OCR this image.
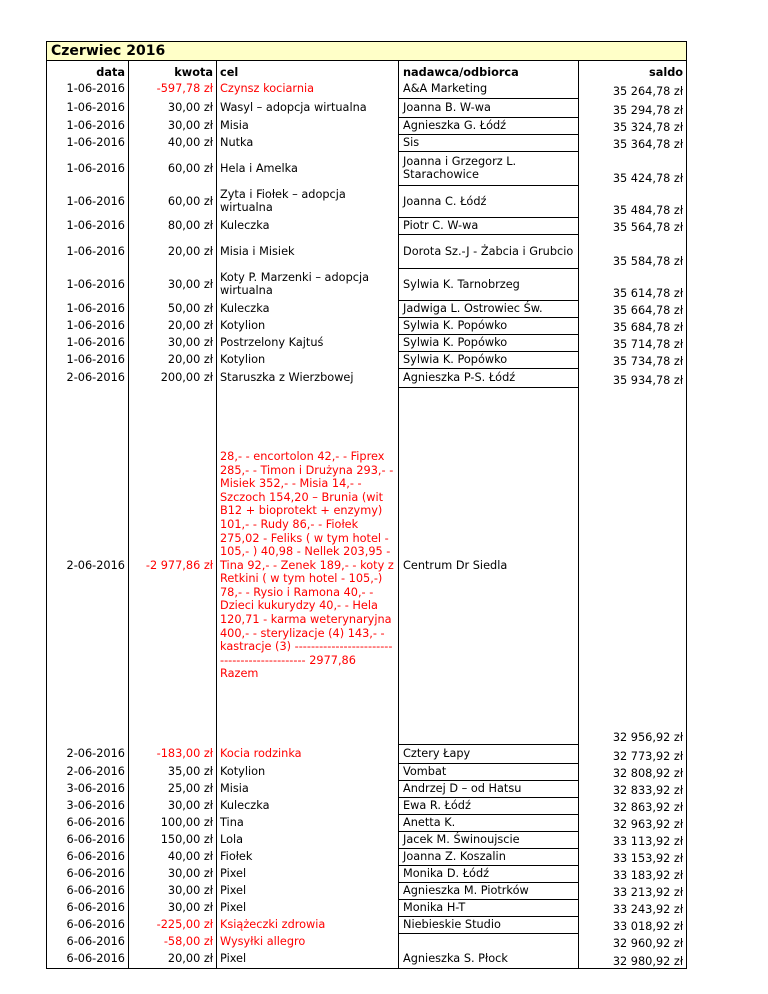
Czerwiec 2016				
data	kwota	cel	nadawca/odbiorca	saldo
1-06-2016	-597,78 zł	Czynsz kociarnia	A&A Marketing	35 264,78 zł
1-06-2016	30,00 zł	Wasyl – adopcja wirtualna	Joanna B. W-wa	35 294,78 zł
1-06-2016	30,00 zł	Misia	Agnieszka G. Łódź	35 324,78 zł
1-06-2016	40,00 zł	Nutka	Sis	35 364,78 zł
1-06-2016	60,00 zł	Hela i Amelka	Joanna i Grzegorz L. Starachowice	35 424,78 zł
1-06-2016	60,00 zł	Zyta i Fiołek – adopcja wirtualna	Joanna C. Łódź	35 484,78 zł
1-06-2016	80,00 zł	Kuleczka	Piotr C. W-wa	35 564,78 zł
1-06-2016	20,00 zł	Misia i Misiek	Dorota Sz.-J - Żabcia i Grubcio	35 584,78 zł
1-06-2016	30,00 zł	Koty P. Marzenki – adopcja wirtualna	Sylwia K. Tarnobrzeg	35 614,78 zł
1-06-2016	50,00 zł	Kuleczka	Jadwiga L. Ostrowiec Św.	35 664,78 zł
1-06-2016	20,00 zł	Kotylion	Sylwia K. Popówko	35 684,78 zł
1-06-2016	30,00 zł	Postrzelony Kajtuś	Sylwia K. Popówko	35 714,78 zł
1-06-2016	20,00 zł	Kotylion	Sylwia K. Popówko	35 734,78 zł
2-06-2016	200,00 zł	Staruszka z Wierzbowej	Agnieszka P-S. Łódź	35 934,78 zł
2-06-2016	-2 977,86 zł	28,- - encortolon 42,- - Fiprex 285,- - Timon i Drużyna 293,- - Misiek 352,- - Misia 14,- - Szczoch 154,20 – Brunia (wit B12 + bioprotekt + enzymy) 101,- - Rudy 86,- - Fiołek 275,02 - Feliks ( w tym hotel - 105,- ) 40,98 - Nellek 203,95 - Tina 92,- - Zenek 189,- - koty z Retkini ( w tym hotel - 105,-) 78,- - Rysio i Ramona 40,- - Dzieci kukurydzy 40,- - Hela 120,71 - karma weterynaryjna 400,- - sterylizacje (4) 143,- - kastracje (3) --------------------------------------------- 2977,86 Razem	Centrum Dr Siedla	32 956,92 zł
2-06-2016	-183,00 zł	Kocia rodzinka	Cztery Łapy	32 773,92 zł
2-06-2016	35,00 zł	Kotylion	Vombat	32 808,92 zł
3-06-2016	25,00 zł	Misia	Andrzej D – od Hatsu	32 833,92 zł
3-06-2016	30,00 zł	Kuleczka	Ewa R. Łódź	32 863,92 zł
6-06-2016	100,00 zł	Tina	Anetta K.	32 963,92 zł
6-06-2016	150,00 zł	Lola	Jacek M. Świnoujscie	33 113,92 zł
6-06-2016	40,00 zł	Fiołek	Joanna Z. Koszalin	33 153,92 zł
6-06-2016	30,00 zł	Pixel	Monika D. Łódź	33 183,92 zł
6-06-2016	30,00 zł	Pixel	Agnieszka M. Piotrków	33 213,92 zł
6-06-2016	30,00 zł	Pixel	Monika H-T	33 243,92 zł
6-06-2016	-225,00 zł	Książeczki zdrowia	Niebieskie Studio	33 018,92 zł
6-06-2016	-58,00 zł	Wysyłki allegro		32 960,92 zł
6-06-2016	20,00 zł	Pixel	Agnieszka S. Płock	32 980,92 zł
